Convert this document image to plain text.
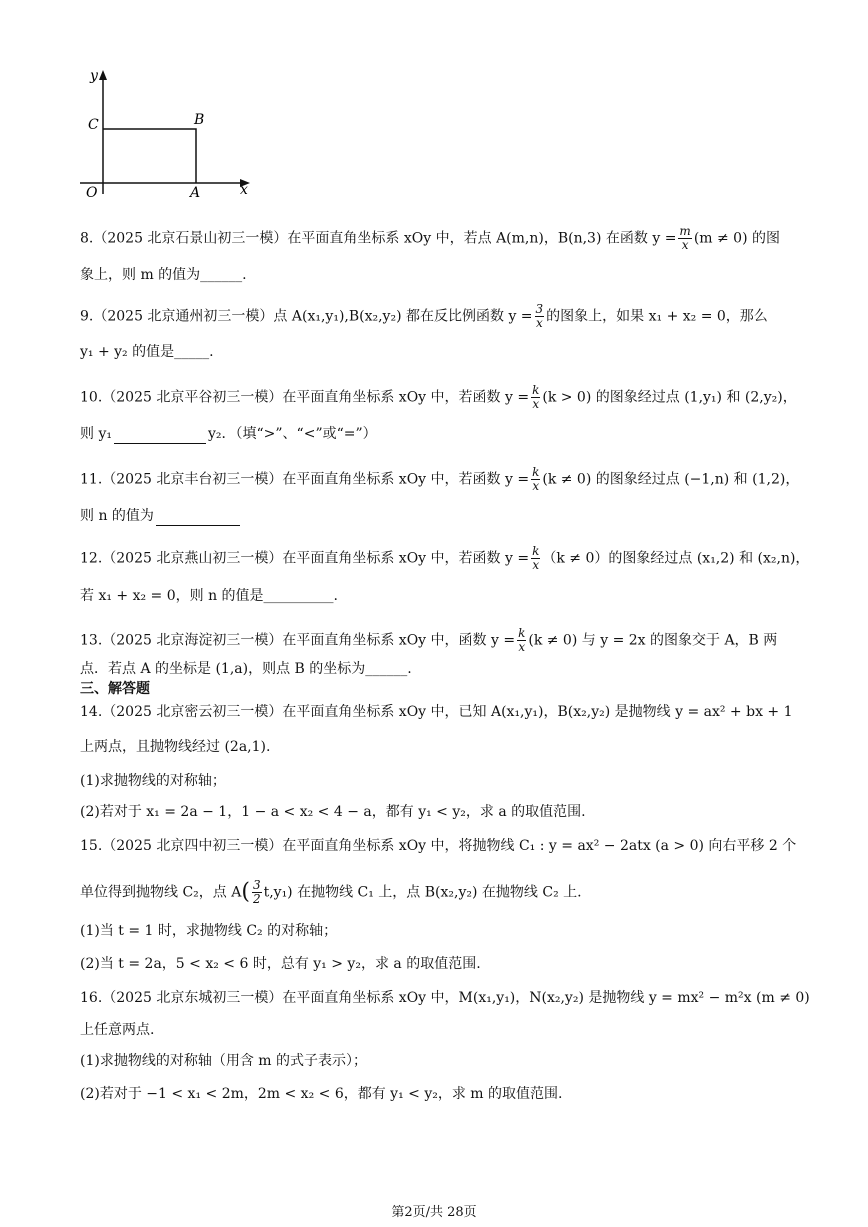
y
x
O
C	B
A
8.（2025 北京石景山初三一模）在平面直角坐标系 xOy 中，若点 A(m,n)，B(n,3) 在函数 $y = \frac{m}{x} (m \ne 0)$ 的图
象上，则 m 的值为______.
9.（2025 北京通州初三一模）点 A(x₁,y₁),B(x₂,y₂) 都在反比例函数 $y = \frac{3}{x}$ 的图象上，如果 x₁ + x₂ = 0，那么
y₁ + y₂ 的值是_____.
10.（2025 北京平谷初三一模）在平面直角坐标系 xOy 中，若函数 $y = \frac{k}{x} (k > 0)$ 的图象经过点 (1,y₁) 和 (2,y₂)，
则 y₁	y₂．（填“>”、“<”或“=”）
11.（2025 北京丰台初三一模）在平面直角坐标系 xOy 中，若函数 $y = \frac{k}{x} (k \ne 0)$ 的图象经过点 (−1,n) 和 (1,2)，
则 n 的值为
12.（2025 北京燕山初三一模）在平面直角坐标系 xOy 中，若函数 $y = \frac{k}{x} (k \ne 0)$的图象经过点 (x₁,2) 和 (x₂,n)，
若 x₁ + x₂ = 0，则 n 的值是__________.
13.（2025 北京海淀初三一模）在平面直角坐标系 xOy 中，函数 $y = \frac{k}{x} (k \ne 0)$ 与 y = 2x 的图象交于 A，B 两
点．若点 A 的坐标是 (1,a)，则点 B 的坐标为______.
三、解答题
14.（2025 北京密云初三一模）在平面直角坐标系 xOy 中，已知 A(x₁,y₁)，B(x₂,y₂) 是抛物线 y = ax² + bx + 1
上两点，且抛物线经过 (2a,1).
(1)求抛物线的对称轴；
(2)若对于 x₁ = 2a − 1，1 − a < x₂ < 4 − a，都有 y₁ < y₂，求 a 的取值范围.
15.（2025 北京四中初三一模）在平面直角坐标系 xOy 中，将抛物线 C₁ : y = ax² − 2atx (a > 0) 向右平移 2 个
单位得到抛物线 C₂，点 $A( \frac{3}{2} t,y_1)$ 在抛物线 C₁ 上，点 B(x₂,y₂) 在抛物线 C₂ 上.
(1)当 t = 1 时，求抛物线 C₂ 的对称轴；
(2)当 t = 2a，5 < x₂ < 6 时，总有 y₁ > y₂，求 a 的取值范围.
16.（2025 北京东城初三一模）在平面直角坐标系 xOy 中，M(x₁,y₁)，N(x₂,y₂) 是抛物线 y = mx² − m²x (m ≠ 0)
上任意两点.
(1)求抛物线的对称轴（用含 m 的式子表示）；
(2)若对于 −1 < x₁ < 2m，2m < x₂ < 6，都有 y₁ < y₂，求 m 的取值范围.
第2页/共 28页
